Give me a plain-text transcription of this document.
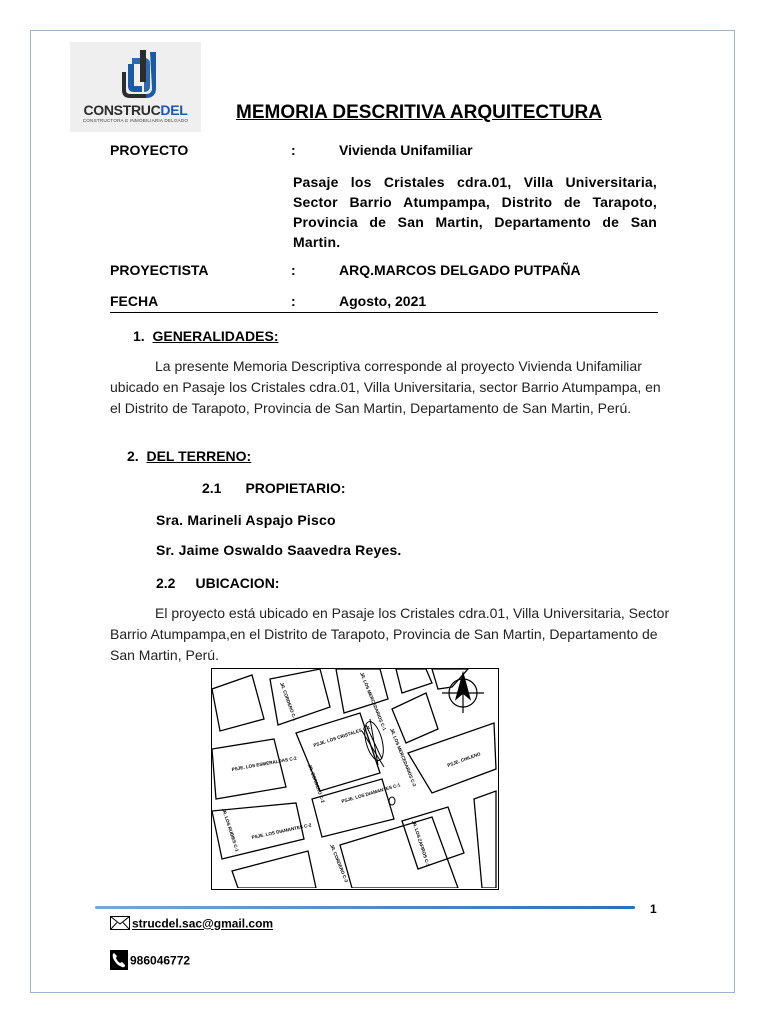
CONSTRUCDEL
CONSTRUCTORA E INMOBILIARIA DELGADO	MEMORIA DESCRITIVA ARQUITECTURA
PROYECTO	:	Vivienda Unifamiliar
Pasaje los Cristales cdra.01, Villa Universitaria, Sector Barrio Atumpampa, Distrito de Tarapoto, Provincia de San Martin, Departamento de San Martin.
PROYECTISTA	:	ARQ.MARCOS DELGADO PUTPAÑA
FECHA	:	Agosto, 2021
1. GENERALIDADES:
La presente Memoria Descriptiva corresponde al proyecto Vivienda Unifamiliar ubicado en Pasaje los Cristales cdra.01, Villa Universitaria, sector Barrio Atumpampa, en el Distrito de Tarapoto, Provincia de San Martin, Departamento de San Martin, Perú.
2. DEL TERRENO:
2.1 PROPIETARIO:
Sra. Marineli Aspajo Pisco
Sr. Jaime Oswaldo Saavedra Reyes.
2.2 UBICACION:
El proyecto está ubicado en Pasaje los Cristales cdra.01, Villa Universitaria, Sector Barrio Atumpampa,en el Distrito de Tarapoto, Provincia de San Martin, Departamento de San Martin, Perú.
PSJE. LOS CRISTALES C-1
PSJE. LOS DIAMANTES C-1
PSJE. LOS DIAMANTES C-2
PSJE. LOS ESMERALDAS C-2	JR. LOS MERCEDARIOS C-2
JR. LOS MERCEDARIOS C-1
JR. CORDERO C-1
JR. CORDERO C-2
JR. LOS RUBIES C-1	JR. LOS ZAFIROS C-1
JR. CORDERO C-3
PSJE. CHILENO
1
strucdel.sac@gmail.com
986046772
